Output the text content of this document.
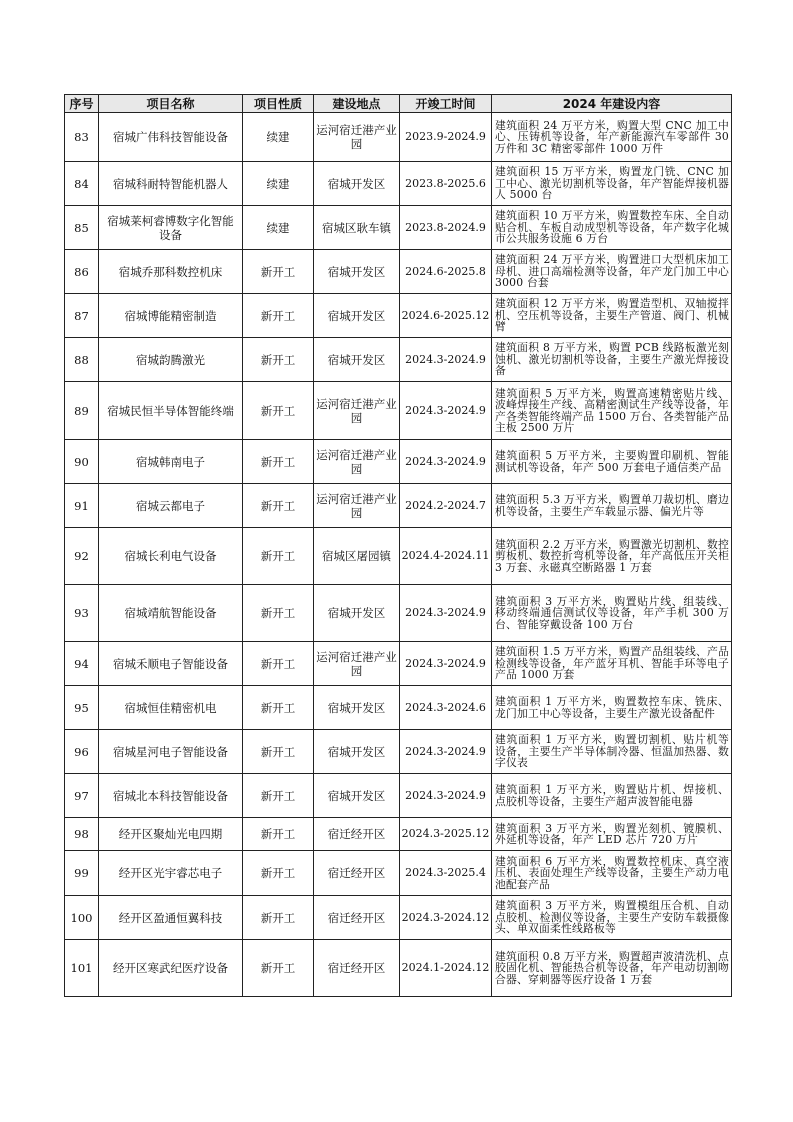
序号	项目名称	项目性质	建设地点	开竣工时间	2024 年建设内容
83	宿城广伟科技智能设备	续建	运河宿迁港产业园	2023.9-2024.9	建筑面积 24 万平方米，购置大型 CNC 加工中心、压铸机等设备，年产新能源汽车零部件 30 万件和 3C 精密零部件 1000 万件
84	宿城科耐特智能机器人	续建	宿城开发区	2023.8-2025.6	建筑面积 15 万平方米，购置龙门铣、CNC 加工中心、激光切割机等设备，年产智能焊接机器人 5000 台
85	宿城莱柯睿博数字化智能设备	续建	宿城区耿车镇	2023.8-2024.9	建筑面积 10 万平方米，购置数控车床、全自动贴合机、车板自动成型机等设备，年产数字化城市公共服务设施 6 万台
86	宿城乔那科数控机床	新开工	宿城开发区	2024.6-2025.8	建筑面积 24 万平方米，购置进口大型机床加工母机、进口高端检测等设备，年产龙门加工中心 3000 台套
87	宿城博能精密制造	新开工	宿城开发区	2024.6-2025.12	建筑面积 12 万平方米，购置造型机、双轴搅拌机、空压机等设备，主要生产管道、阀门、机械臂
88	宿城韵腾激光	新开工	宿城开发区	2024.3-2024.9	建筑面积 8 万平方米，购置 PCB 线路板激光刻蚀机、激光切割机等设备，主要生产激光焊接设备
89	宿城民恒半导体智能终端	新开工	运河宿迁港产业园	2024.3-2024.9	建筑面积 5 万平方米，购置高速精密贴片线、波峰焊接生产线、高精密测试生产线等设备，年产各类智能终端产品 1500 万台、各类智能产品主板 2500 万片
90	宿城韩南电子	新开工	运河宿迁港产业园	2024.3-2024.9	建筑面积 5 万平方米，主要购置印刷机、智能测试机等设备，年产 500 万套电子通信类产品
91	宿城云都电子	新开工	运河宿迁港产业园	2024.2-2024.7	建筑面积 5.3 万平方米，购置单刀裁切机、磨边机等设备，主要生产车载显示器、偏光片等
92	宿城长利电气设备	新开工	宿城区屠园镇	2024.4-2024.11	建筑面积 2.2 万平方米，购置激光切割机、数控剪板机、数控折弯机等设备，年产高低压开关柜 3 万套、永磁真空断路器 1 万套
93	宿城靖航智能设备	新开工	宿城开发区	2024.3-2024.9	建筑面积 3 万平方米，购置贴片线、组装线、移动终端通信测试仪等设备，年产手机 300 万台、智能穿戴设备 100 万台
94	宿城禾顺电子智能设备	新开工	运河宿迁港产业园	2024.3-2024.9	建筑面积 1.5 万平方米，购置产品组装线、产品检测线等设备，年产蓝牙耳机、智能手环等电子产品 1000 万套
95	宿城恒佳精密机电	新开工	宿城开发区	2024.3-2024.6	建筑面积 1 万平方米，购置数控车床、铣床、龙门加工中心等设备，主要生产激光设备配件
96	宿城星河电子智能设备	新开工	宿城开发区	2024.3-2024.9	建筑面积 1 万平方米，购置切割机、贴片机等设备，主要生产半导体制冷器、恒温加热器、数字仪表
97	宿城北本科技智能设备	新开工	宿城开发区	2024.3-2024.9	建筑面积 1 万平方米，购置贴片机、焊接机、点胶机等设备，主要生产超声波智能电器
98	经开区聚灿光电四期	新开工	宿迁经开区	2024.3-2025.12	建筑面积 3 万平方米，购置光刻机、镀膜机、外延机等设备，年产 LED 芯片 720 万片
99	经开区光宇睿芯电子	新开工	宿迁经开区	2024.3-2025.4	建筑面积 6 万平方米，购置数控机床、真空液压机、表面处理生产线等设备，主要生产动力电池配套产品
100	经开区盈通恒翼科技	新开工	宿迁经开区	2024.3-2024.12	建筑面积 3 万平方米，购置模组压合机、自动点胶机、检测仪等设备，主要生产安防车载摄像头、单双面柔性线路板等
101	经开区寒武纪医疗设备	新开工	宿迁经开区	2024.1-2024.12	建筑面积 0.8 万平方米，购置超声波清洗机、点胶固化机、智能热合机等设备，年产电动切割吻合器、穿刺器等医疗设备 1 万套
